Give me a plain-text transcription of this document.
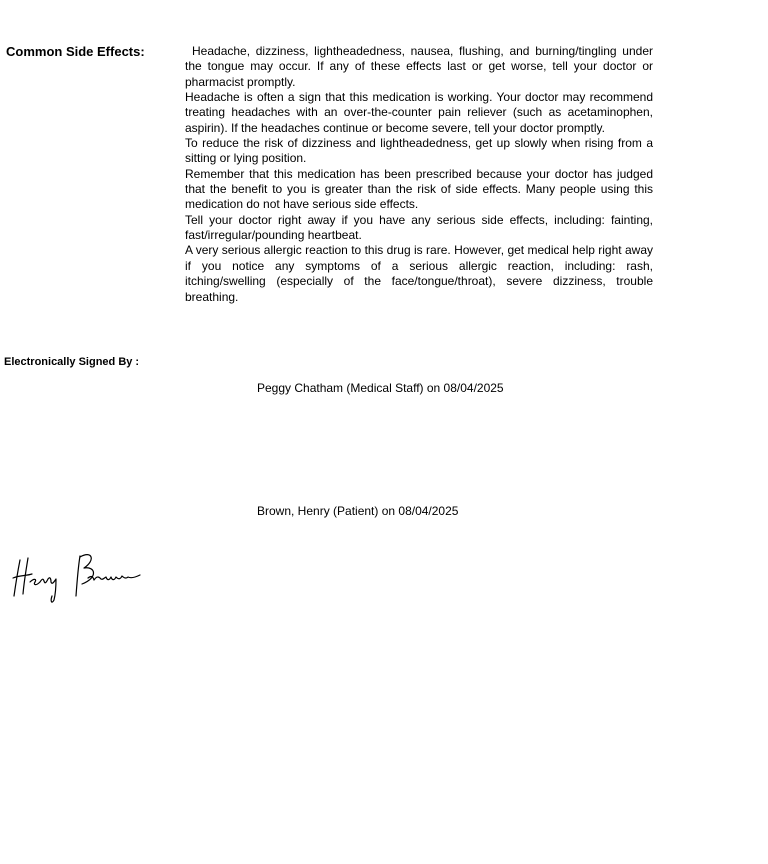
Common Side Effects:	Headache, dizziness, lightheadedness, nausea, flushing, and burning/tingling under the tongue may occur. If any of these effects last or get worse, tell your doctor or pharmacist promptly.

Headache is often a sign that this medication is working. Your doctor may recommend treating headaches with an over-the-counter pain reliever (such as acetaminophen, aspirin). If the headaches continue or become severe, tell your doctor promptly.

To reduce the risk of dizziness and lightheadedness, get up slowly when rising from a sitting or lying position.

Remember that this medication has been prescribed because your doctor has judged that the benefit to you is greater than the risk of side effects. Many people using this medication do not have serious side effects.

Tell your doctor right away if you have any serious side effects, including: fainting, fast/irregular/pounding heartbeat.

A very serious allergic reaction to this drug is rare. However, get medical help right away if you notice any symptoms of a serious allergic reaction, including: rash, itching/swelling (especially of the face/tongue/throat), severe dizziness, trouble breathing.

Electronically Signed By :
Peggy Chatham (Medical Staff) on 08/04/2025
Brown, Henry (Patient) on 08/04/2025
